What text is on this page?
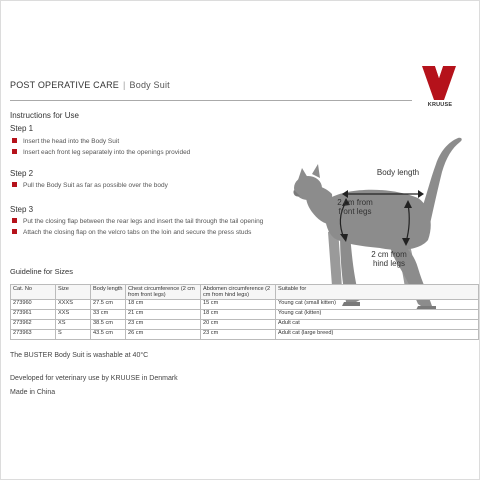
POST OPERATIVE CARE | Body Suit
KRUUSE
Instructions for Use
Step 1
Insert the head into the Body Suit
Insert each front leg separately into the openings provided
Step 2
Pull the Body Suit as far as possible over the body
Step 3
Put the closing flap between the rear legs and insert the tail through the tail opening
Attach the closing flap on the velcro tabs on the loin and secure the press studs
Body length
2 cm from
front legs
2 cm from
hind legs
Guideline for Sizes
Cat. No	Size	Body length	Chest circumference (2 cm from front legs)	Abdomen circumference (2 cm from hind legs)	Suitable for
273960	XXXS	27.5 cm	18 cm	15 cm	Young cat (small kitten)
273961	XXS	33 cm	21 cm	18 cm	Young cat (kitten)
273962	XS	38.5 cm	23 cm	20 cm	Adult cat
273963	S	43.5 cm	26 cm	23 cm	Adult cat (large breed)
The BUSTER Body Suit is washable at 40°C
Developed for veterinary use by KRUUSE in Denmark
Made in China
